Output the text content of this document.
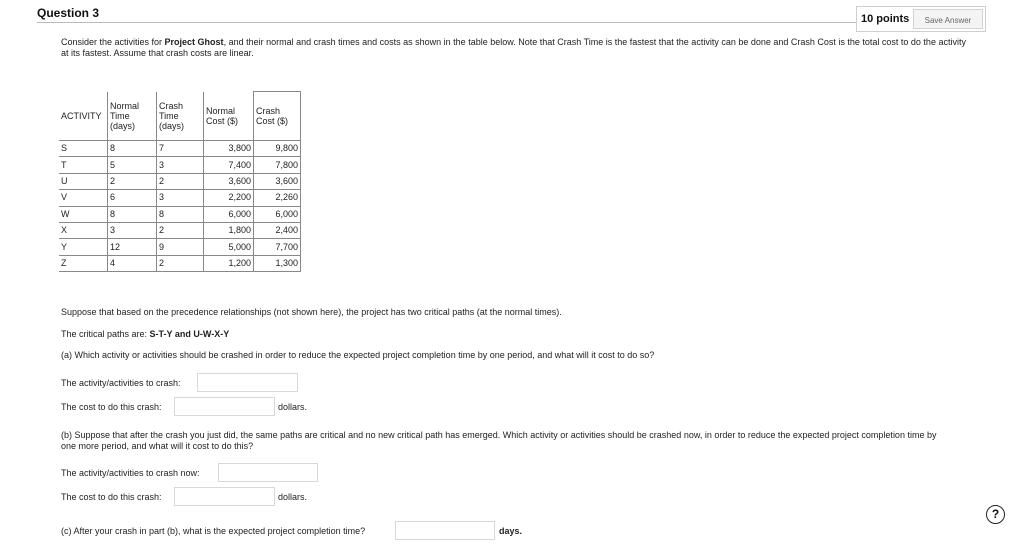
Question 3	10 points	Save Answer
Consider the activities for Project Ghost, and their normal and crash times and costs as shown in the table below. Note that Crash Time is the fastest that the activity can be done and Crash Cost is the total cost to do the activity at its fastest. Assume that crash costs are linear.
ACTIVITY	Normal Time (days)	Crash Time (days)	Normal Cost ($)	Crash Cost ($)
S	8	7	3,800	9,800
T	5	3	7,400	7,800
U	2	2	3,600	3,600
V	6	3	2,200	2,260
W	8	8	6,000	6,000
X	3	2	1,800	2,400
Y	12	9	5,000	7,700
Z	4	2	1,200	1,300
Suppose that based on the precedence relationships (not shown here), the project has two critical paths (at the normal times).
The critical paths are: S-T-Y and U-W-X-Y
(a) Which activity or activities should be crashed in order to reduce the expected project completion time by one period, and what will it cost to do so?
The activity/activities to crash:
The cost to do this crash:	dollars.
(b) Suppose that after the crash you just did, the same paths are critical and no new critical path has emerged. Which activity or activities should be crashed now, in order to reduce the expected project completion time by one more period, and what will it cost to do this?
The activity/activities to crash now:
The cost to do this crash:	dollars.
(c) After your crash in part (b), what is the expected project completion time?	days.
?
